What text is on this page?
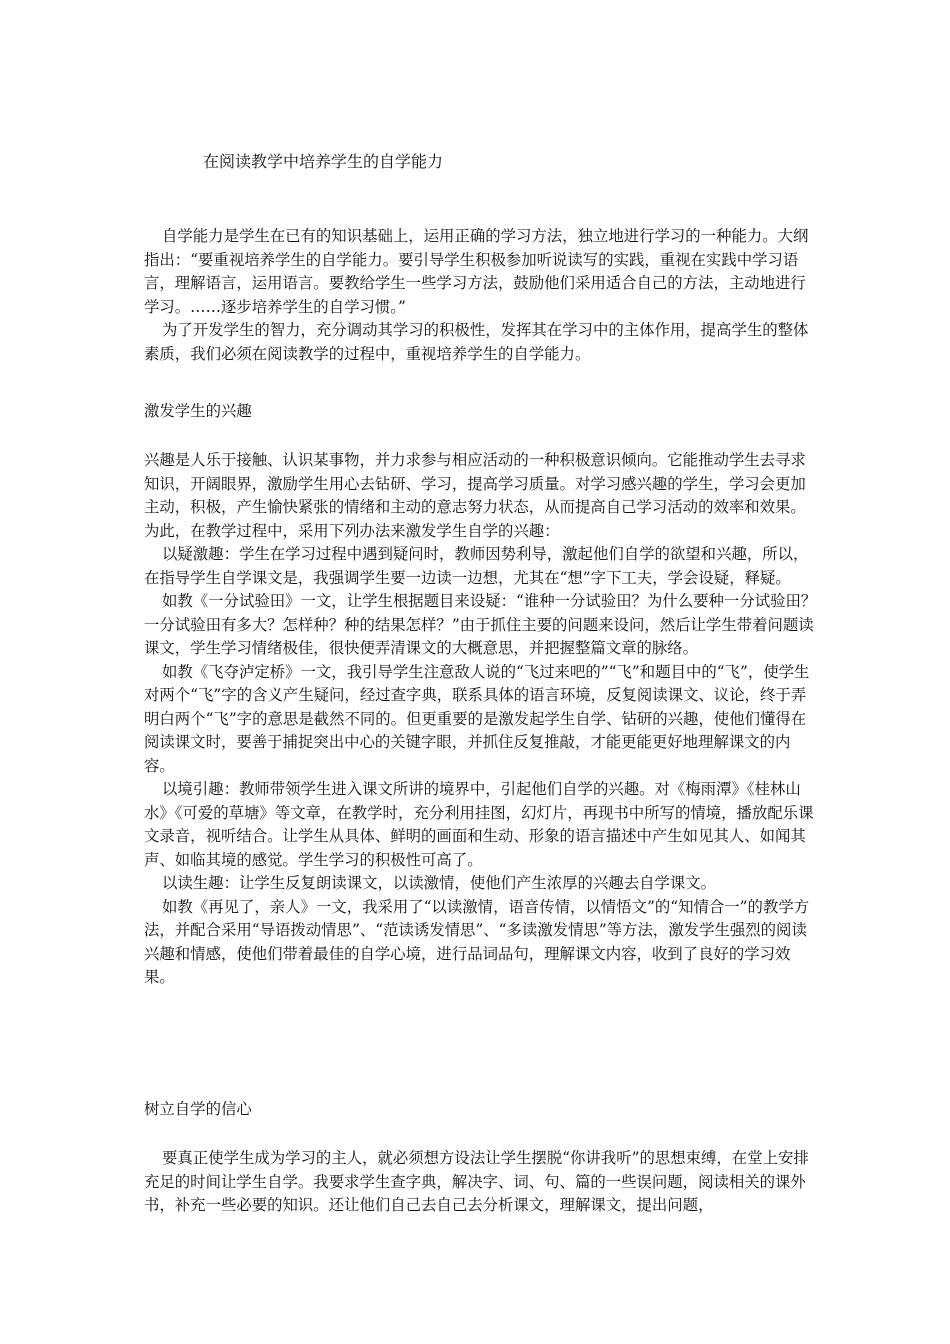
在阅读教学中培养学生的自学能力

自学能力是学生在已有的知识基础上，运用正确的学习方法，独立地进行学习的一种能力。大纲指出：“要重视培养学生的自学能力。要引导学生积极参加听说读写的实践，重视在实践中学习语言，理解语言，运用语言。要教给学生一些学习方法，鼓励他们采用适合自己的方法，主动地进行学习。……逐步培养学生的自学习惯。”

为了开发学生的智力，充分调动其学习的积极性，发挥其在学习中的主体作用，提高学生的整体素质，我们必须在阅读教学的过程中，重视培养学生的自学能力。

激发学生的兴趣

兴趣是人乐于接触、认识某事物，并力求参与相应活动的一种积极意识倾向。它能推动学生去寻求知识，开阔眼界，激励学生用心去钻研、学习，提高学习质量。对学习感兴趣的学生，学习会更加主动，积极，产生愉快紧张的情绪和主动的意志努力状态，从而提高自己学习活动的效率和效果。为此，在教学过程中，采用下列办法来激发学生自学的兴趣：

以疑激趣：学生在学习过程中遇到疑问时，教师因势利导，激起他们自学的欲望和兴趣，所以，在指导学生自学课文是，我强调学生要一边读一边想，尤其在“想”字下工夫，学会设疑，释疑。

如教《一分试验田》一文，让学生根据题目来设疑：“谁种一分试验田？为什么要种一分试验田？一分试验田有多大？怎样种？种的结果怎样？”由于抓住主要的问题来设问，然后让学生带着问题读课文，学生学习情绪极佳，很快便弄清课文的大概意思，并把握整篇文章的脉络。

如教《飞夺泸定桥》一文，我引导学生注意敌人说的“飞过来吧的”“飞”和题目中的“飞”，使学生对两个“飞”字的含义产生疑问，经过查字典，联系具体的语言环境，反复阅读课文、议论，终于弄明白两个“飞”字的意思是截然不同的。但更重要的是激发起学生自学、钻研的兴趣，使他们懂得在阅读课文时，要善于捕捉突出中心的关键字眼，并抓住反复推敲，才能更能更好地理解课文的内容。

以境引趣：教师带领学生进入课文所讲的境界中，引起他们自学的兴趣。对《梅雨潭》《桂林山水》《可爱的草塘》等文章，在教学时，充分利用挂图，幻灯片，再现书中所写的情境，播放配乐课文录音，视听结合。让学生从具体、鲜明的画面和生动、形象的语言描述中产生如见其人、如闻其声、如临其境的感觉。学生学习的积极性可高了。

以读生趣：让学生反复朗读课文，以读激情，使他们产生浓厚的兴趣去自学课文。

如教《再见了，亲人》一文，我采用了“以读激情，语音传情，以情悟文”的“知情合一”的教学方法，并配合采用“导语拨动情思”、“范读诱发情思”、“多读激发情思”等方法，激发学生强烈的阅读兴趣和情感，使他们带着最佳的自学心境，进行品词品句，理解课文内容，收到了良好的学习效果。

树立自学的信心

要真正使学生成为学习的主人，就必须想方设法让学生摆脱“你讲我听”的思想束缚，在堂上安排充足的时间让学生自学。我要求学生查字典，解决字、词、句、篇的一些误问题，阅读相关的课外书，补充一些必要的知识。还让他们自己去自己去分析课文，理解课文，提出问题，
